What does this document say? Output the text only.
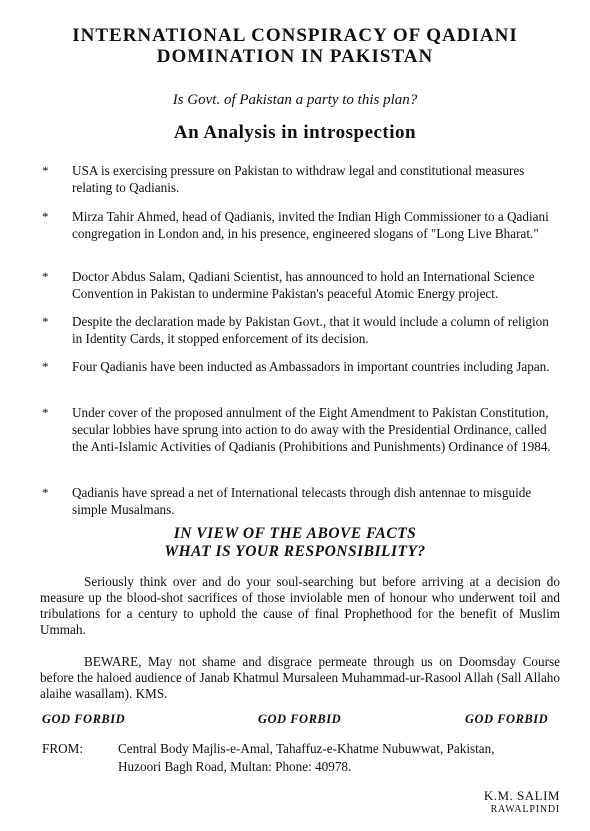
INTERNATIONAL CONSPIRACY OF QADIANI
DOMINATION IN PAKISTAN
Is Govt. of Pakistan a party to this plan?
An Analysis in introspection
* USA is exercising pressure on Pakistan to withdraw legal and constitutional measures relating to Qadianis.
* Mirza Tahir Ahmed, head of Qadianis, invited the Indian High Commissioner to a Qadiani congregation in London and, in his presence, engineered slogans of "Long Live Bharat."
* Doctor Abdus Salam, Qadiani Scientist, has announced to hold an International Science Convention in Pakistan to undermine Pakistan's peaceful Atomic Energy project.
* Despite the declaration made by Pakistan Govt., that it would include a column of religion in Identity Cards, it stopped enforcement of its decision.
* Four Qadianis have been inducted as Ambassadors in important countries including Japan.
* Under cover of the proposed annulment of the Eight Amendment to Pakistan Constitution, secular lobbies have sprung into action to do away with the Presidential Ordinance, called the Anti-Islamic Activities of Qadianis (Prohibitions and Punishments) Ordinance of 1984.
* Qadianis have spread a net of International telecasts through dish antennae to misguide simple Musalmans.
IN VIEW OF THE ABOVE FACTS
WHAT IS YOUR RESPONSIBILITY?
Seriously think over and do your soul-searching but before arriving at a decision do measure up the blood-shot sacrifices of those inviolable men of honour who underwent toil and tribulations for a century to uphold the cause of final Prophethood for the benefit of Muslim Ummah.
BEWARE, May not shame and disgrace permeate through us on Doomsday Course before the haloed audience of Janab Khatmul Mursaleen Muhammad-ur-Rasool Allah (Sall Allaho alaihe wasallam). KMS.
GOD FORBID	GOD FORBID	GOD FORBID
FROM:	Central Body Majlis-e-Amal, Tahaffuz-e-Khatme Nubuwwat, Pakistan,
Huzoori Bagh Road, Multan: Phone: 40978.
K.M. SALIM
RAWALPINDI
